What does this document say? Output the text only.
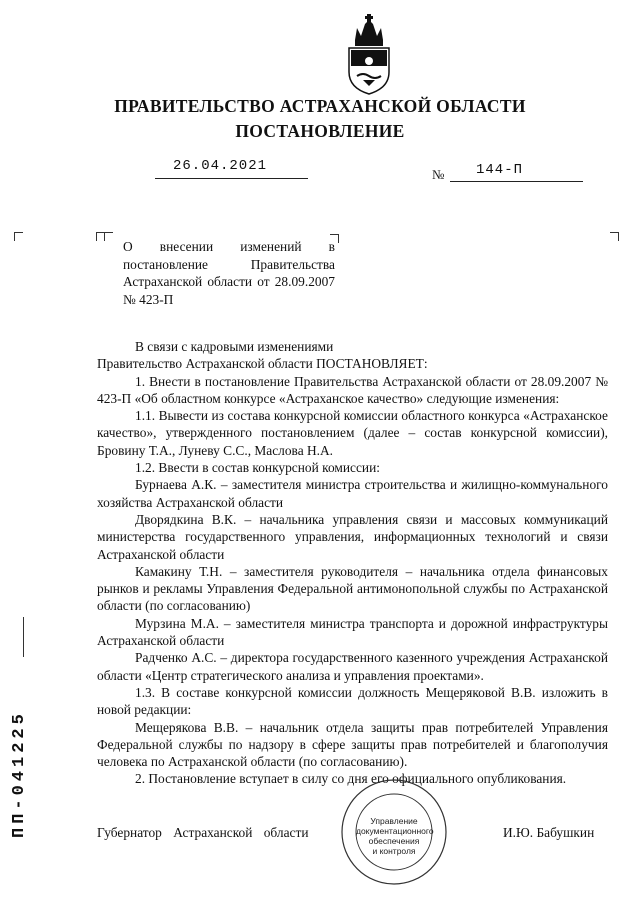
ПРАВИТЕЛЬСТВО АСТРАХАНСКОЙ ОБЛАСТИ
ПОСТАНОВЛЕНИЕ
26.04.2021
№ 144-П
О внесении изменений в постановление Правительства Астраханской области от 28.09.2007 № 423-П

В связи с кадровыми изменениями

Правительство Астраханской области ПОСТАНОВЛЯЕТ:

1. Внести в постановление Правительства Астраханской области от 28.09.2007 № 423-П «Об областном конкурсе «Астраханское качество» следующие изменения:

1.1. Вывести из состава конкурсной комиссии областного конкурса «Астраханское качество», утвержденного постановлением (далее – состав конкурсной комиссии), Бровину Т.А., Луневу С.С., Маслова Н.А.

1.2. Ввести в состав конкурсной комиссии:

Бурнаева А.К. – заместителя министра строительства и жилищно-коммунального хозяйства Астраханской области

Дворядкина В.К. – начальника управления связи и массовых коммуникаций министерства государственного управления, информационных технологий и связи Астраханской области

Камакину Т.Н. – заместителя руководителя – начальника отдела финансовых рынков и рекламы Управления Федеральной антимонопольной службы по Астраханской области (по согласованию)

Мурзина М.А. – заместителя министра транспорта и дорожной инфраструктуры Астраханской области

Радченко А.С. – директора государственного казенного учреждения Астраханской области «Центр стратегического анализа и управления проектами».

1.3. В составе конкурсной комиссии должность Мещеряковой В.В. изложить в новой редакции:

Мещерякова В.В. – начальник отдела защиты прав потребителей Управления Федеральной службы по надзору в сфере защиты прав потребителей и благополучия человека по Астраханской области (по согласованию).

2. Постановление вступает в силу со дня его официального опубликования.

Губернатор Астраханской области	И.Ю. Бабушкин
Управление
документационного
обеспечения
и контроля
ПП-041225
